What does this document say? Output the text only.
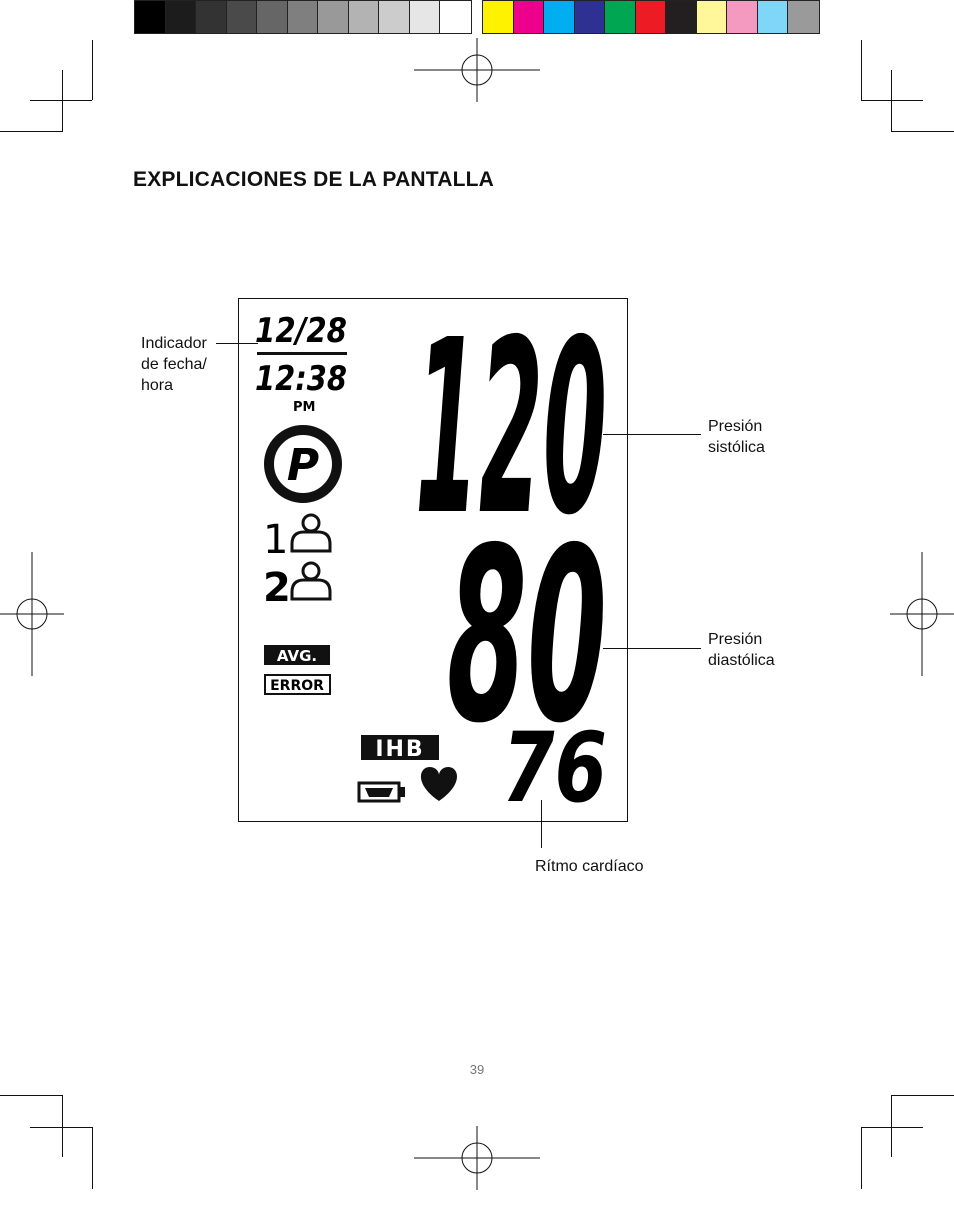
EXPLICACIONES DE LA PANTALLA
Indicador
de fecha/
hora
Presión
sistólica
Presión
diastólica
Rítmo cardíaco
12/28
12:38
PM
P
1
2
AVG.
ERROR
IHB
120
80
76
39
